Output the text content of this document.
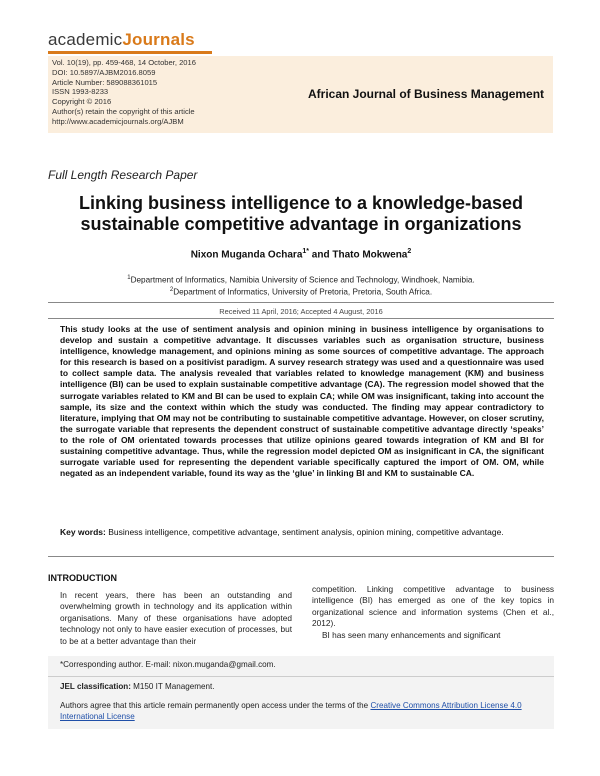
academicJournals
Vol. 10(19), pp. 459-468, 14 October, 2016
DOI: 10.5897/AJBM2016.8059
Article Number: 589088361015
ISSN 1993-8233
Copyright © 2016
Author(s) retain the copyright of this article
http://www.academicjournals.org/AJBM
African Journal of Business Management
Full Length Research Paper
Linking business intelligence to a knowledge-based
sustainable competitive advantage in organizations
Nixon Muganda Ochara$^{1*}$ and Thato Mokwena$^2$
$^1$Department of Informatics, Namibia University of Science and Technology, Windhoek, Namibia.
$^2$Department of Informatics, University of Pretoria, Pretoria, South Africa.
Received 11 April, 2016; Accepted 4 August, 2016
This study looks at the use of sentiment analysis and opinion mining in business intelligence by organisations to develop and sustain a competitive advantage. It discusses variables such as organisation structure, business intelligence, knowledge management, and opinions mining as some sources of competitive advantage. The approach for this research is based on a positivist paradigm. A survey research strategy was used and a questionnaire was used to collect sample data. The analysis revealed that variables related to knowledge management (KM) and business intelligence (BI) can be used to explain sustainable competitive advantage (CA). The regression model showed that the surrogate variables related to KM and BI can be used to explain CA; while OM was insignificant, taking into account the sample, its size and the context within which the study was conducted. The finding may appear contradictory to literature, implying that OM may not be contributing to sustainable competitive advantage. However, on closer scrutiny, the surrogate variable that represents the dependent construct of sustainable competitive advantage directly ‘speaks’ to the role of OM orientated towards processes that utilize opinions geared towards integration of KM and BI for sustaining competitive advantage. Thus, while the regression model depicted OM as insignificant in CA, the significant surrogate variable used for representing the dependent variable specifically captured the import of OM. OM, while negated as an independent variable, found its way as the ‘glue’ in linking BI and KM to sustainable CA.
Key words: Business intelligence, competitive advantage, sentiment analysis, opinion mining, competitive advantage.
INTRODUCTION
In recent years, there has been an outstanding and overwhelming growth in technology and its application within organisations. Many of these organisations have adopted technology not only to have easier execution of processes, but to be at a better advantage than their
competition. Linking competitive advantage to business intelligence (BI) has emerged as one of the key topics in organizational science and information systems (Chen et al., 2012).
BI has seen many enhancements and significant
*Corresponding author. E-mail: nixon.muganda@gmail.com.
JEL classification: M150 IT Management.
Authors agree that this article remain permanently open access under the terms of the Creative Commons Attribution License 4.0 International License
